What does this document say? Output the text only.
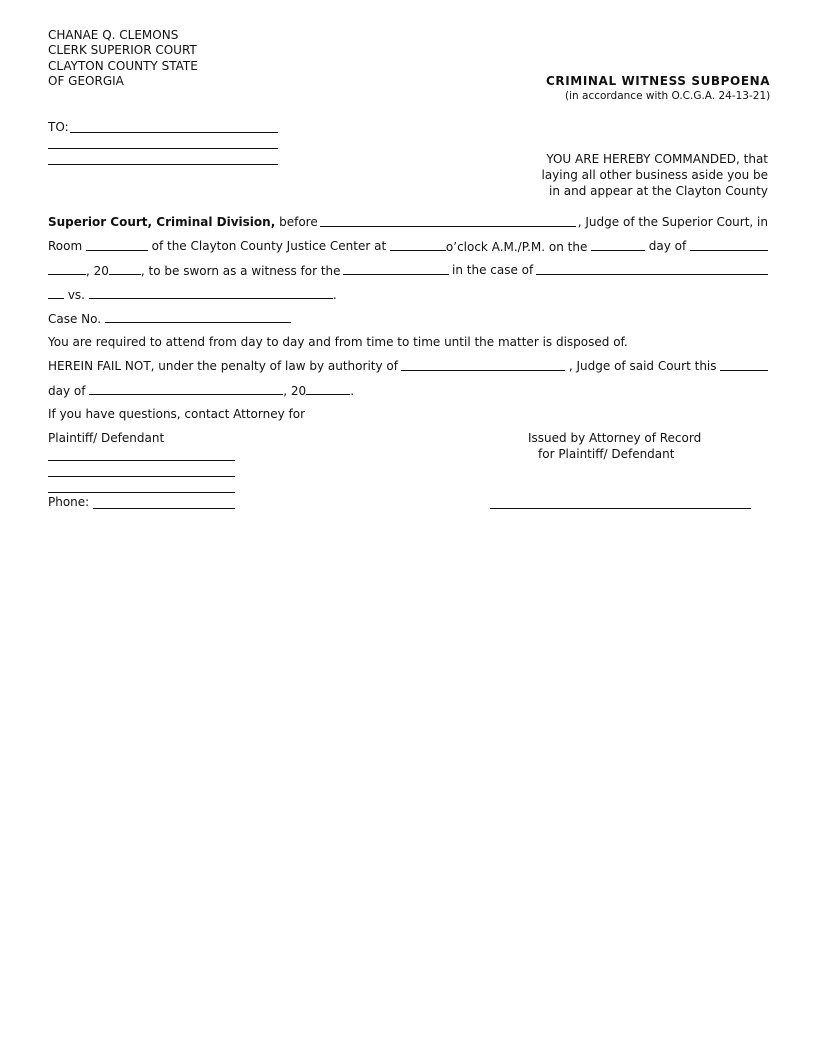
CHANAE Q. CLEMONS
CLERK SUPERIOR COURT
CLAYTON COUNTY STATE
OF GEORGIA	CRIMINAL WITNESS SUBPOENA
(in accordance with O.C.G.A. 24-13-21)
TO:
YOU ARE HEREBY COMMANDED, that
laying all other business aside you be
in and appear at the Clayton County
Superior Court, Criminal Division, before	, Judge of the Superior Court, in
Room	of the Clayton County Justice Center at	o’clock A.M./P.M. on the	day of
, 20	, to be sworn as a witness for the	in the case of
vs.	.
Case No.
You are required to attend from day to day and from time to time until the matter is disposed of.
HEREIN FAIL NOT, under the penalty of law by authority of	, Judge of said Court this
day of	, 20	.
If you have questions, contact Attorney for
Plaintiff/ Defendant
Phone:
Issued by Attorney of Record
for Plaintiff/ Defendant
